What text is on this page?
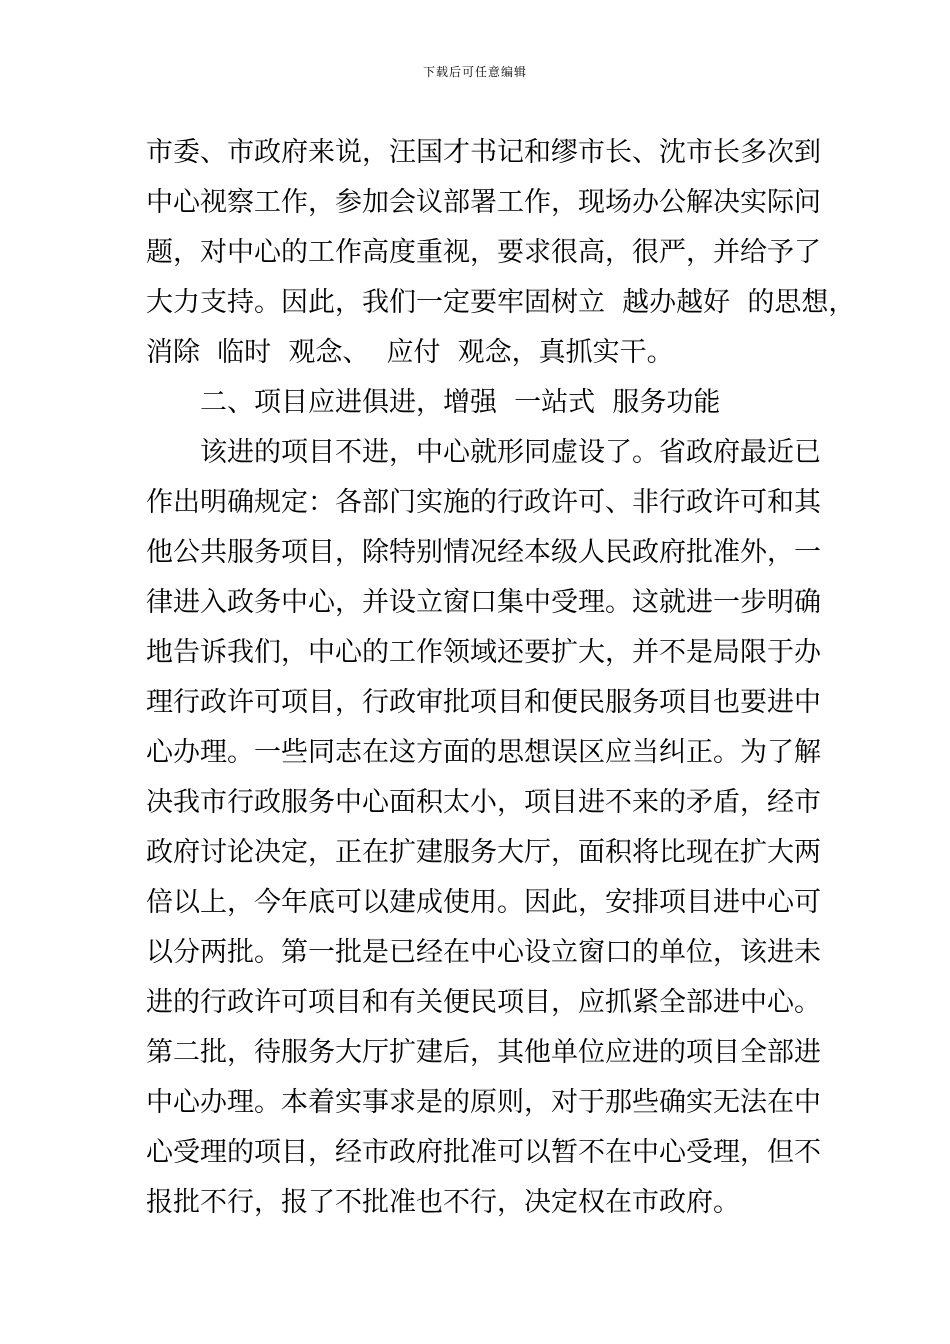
下载后可任意编辑
市委、市政府来说，汪国才书记和缪市长、沈市长多次到
中心视察工作，参加会议部署工作，现场办公解决实际问
题，对中心的工作高度重视，要求很高，很严，并给予了
大力支持。因此，我们一定要牢固树立  越办越好  的思想，
消除  临时  观念、  应付  观念，真抓实干。
二、项目应进俱进，增强  一站式  服务功能
该进的项目不进，中心就形同虚设了。省政府最近已
作出明确规定：各部门实施的行政许可、非行政许可和其
他公共服务项目，除特别情况经本级人民政府批准外，一
律进入政务中心，并设立窗口集中受理。这就进一步明确
地告诉我们，中心的工作领域还要扩大，并不是局限于办
理行政许可项目，行政审批项目和便民服务项目也要进中
心办理。一些同志在这方面的思想误区应当纠正。为了解
决我市行政服务中心面积太小，项目进不来的矛盾，经市
政府讨论决定，正在扩建服务大厅，面积将比现在扩大两
倍以上，今年底可以建成使用。因此，安排项目进中心可
以分两批。第一批是已经在中心设立窗口的单位，该进未
进的行政许可项目和有关便民项目，应抓紧全部进中心。
第二批，待服务大厅扩建后，其他单位应进的项目全部进
中心办理。本着实事求是的原则，对于那些确实无法在中
心受理的项目，经市政府批准可以暂不在中心受理，但不
报批不行，报了不批准也不行，决定权在市政府。
